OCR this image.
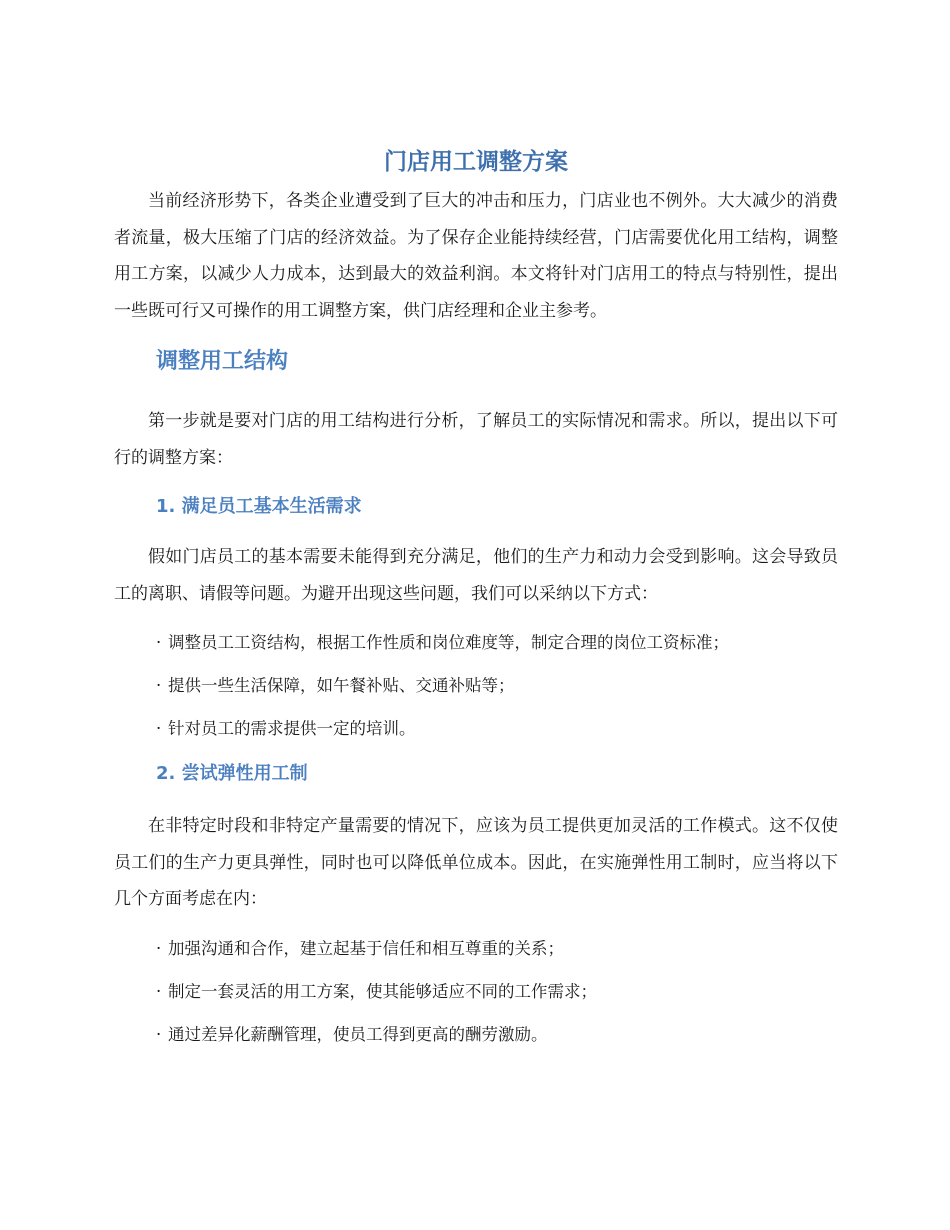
门店用工调整方案

当前经济形势下，各类企业遭受到了巨大的冲击和压力，门店业也不例外。大大减少的消费者流量，极大压缩了门店的经济效益。为了保存企业能持续经营，门店需要优化用工结构，调整用工方案，以减少人力成本，达到最大的效益利润。本文将针对门店用工的特点与特别性，提出一些既可行又可操作的用工调整方案，供门店经理和企业主参考。

调整用工结构

第一步就是要对门店的用工结构进行分析，了解员工的实际情况和需求。所以，提出以下可行的调整方案：

1. 满足员工基本生活需求

假如门店员工的基本需要未能得到充分满足，他们的生产力和动力会受到影响。这会导致员工的离职、请假等问题。为避开出现这些问题，我们可以采纳以下方式：

· 调整员工工资结构，根据工作性质和岗位难度等，制定合理的岗位工资标准；
· 提供一些生活保障，如午餐补贴、交通补贴等；
· 针对员工的需求提供一定的培训。
2. 尝试弹性用工制

在非特定时段和非特定产量需要的情况下，应该为员工提供更加灵活的工作模式。这不仅使员工们的生产力更具弹性，同时也可以降低单位成本。因此，在实施弹性用工制时，应当将以下几个方面考虑在内：

· 加强沟通和合作，建立起基于信任和相互尊重的关系；
· 制定一套灵活的用工方案，使其能够适应不同的工作需求；
· 通过差异化薪酬管理，使员工得到更高的酬劳激励。
